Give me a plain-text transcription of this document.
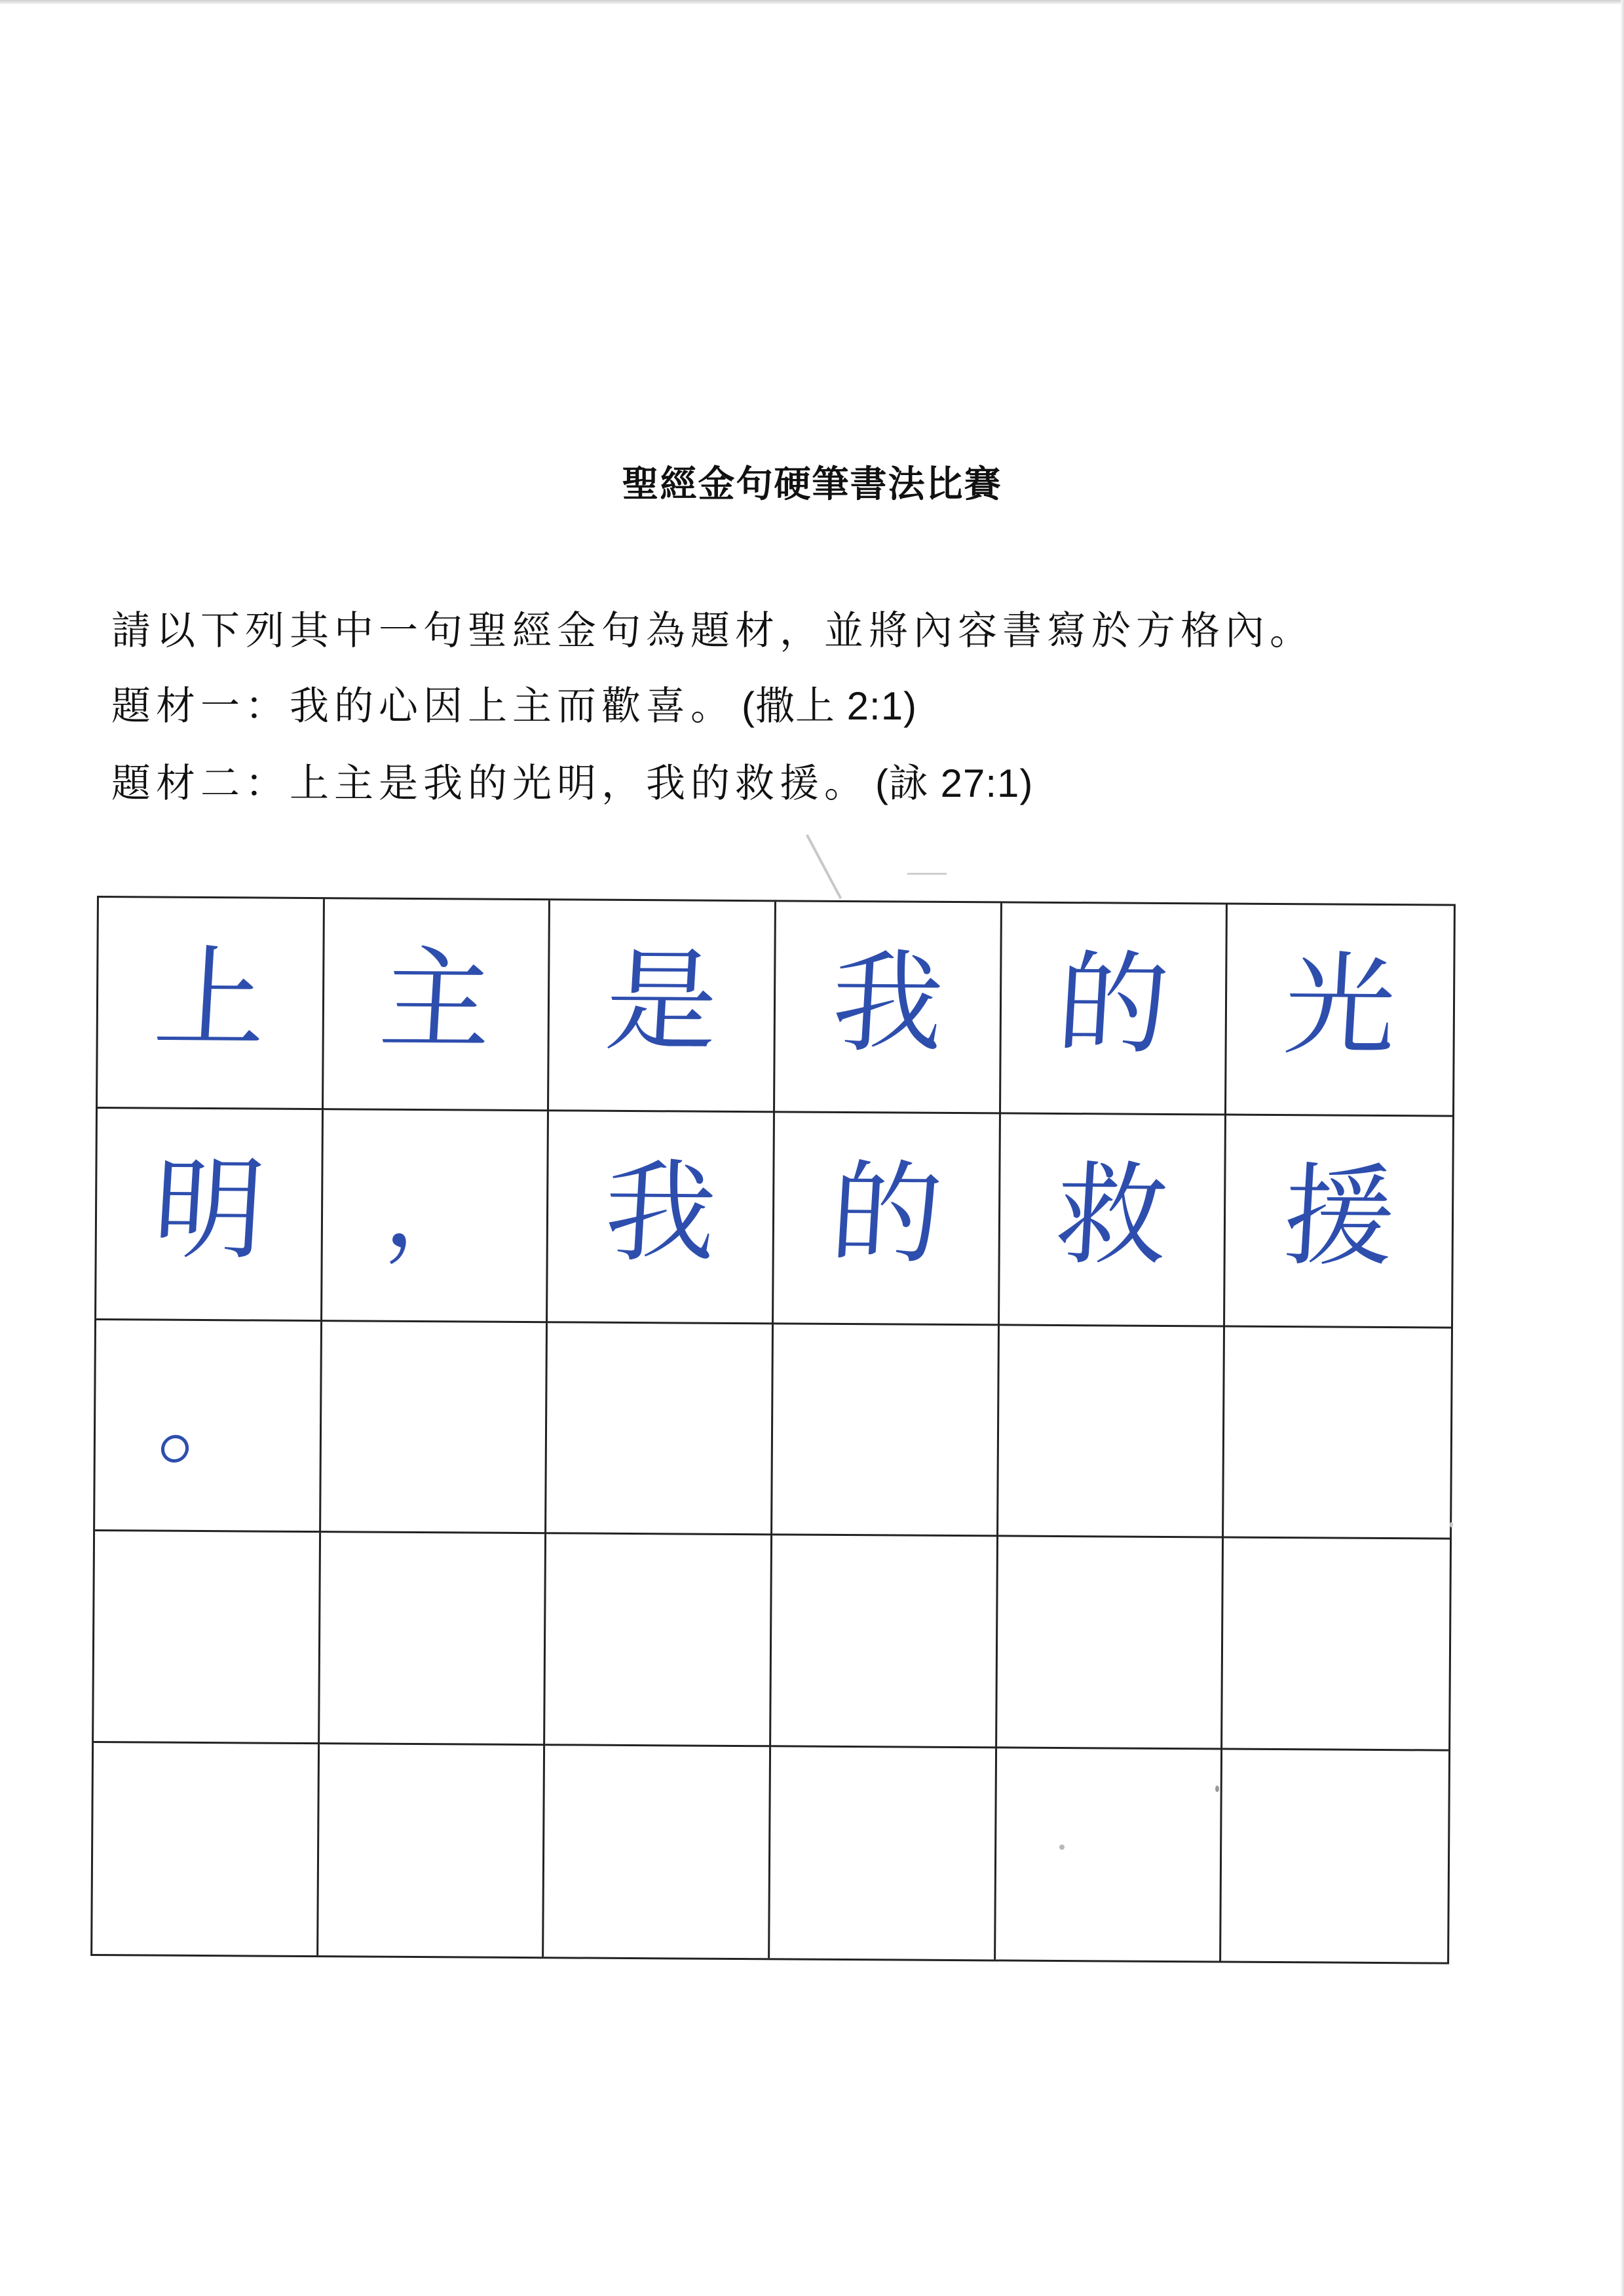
聖經金句硬筆書法比賽
請以下列其中一句聖經金句為題材，並將內容書寫於方格內。
題材一：我的心因上主而歡喜。 (撒上 2:1)
題材二：上主是我的光明，我的救援。 (詠 27:1)
上 主 是 我 的 光
明 ， 我 的 救 援
。
